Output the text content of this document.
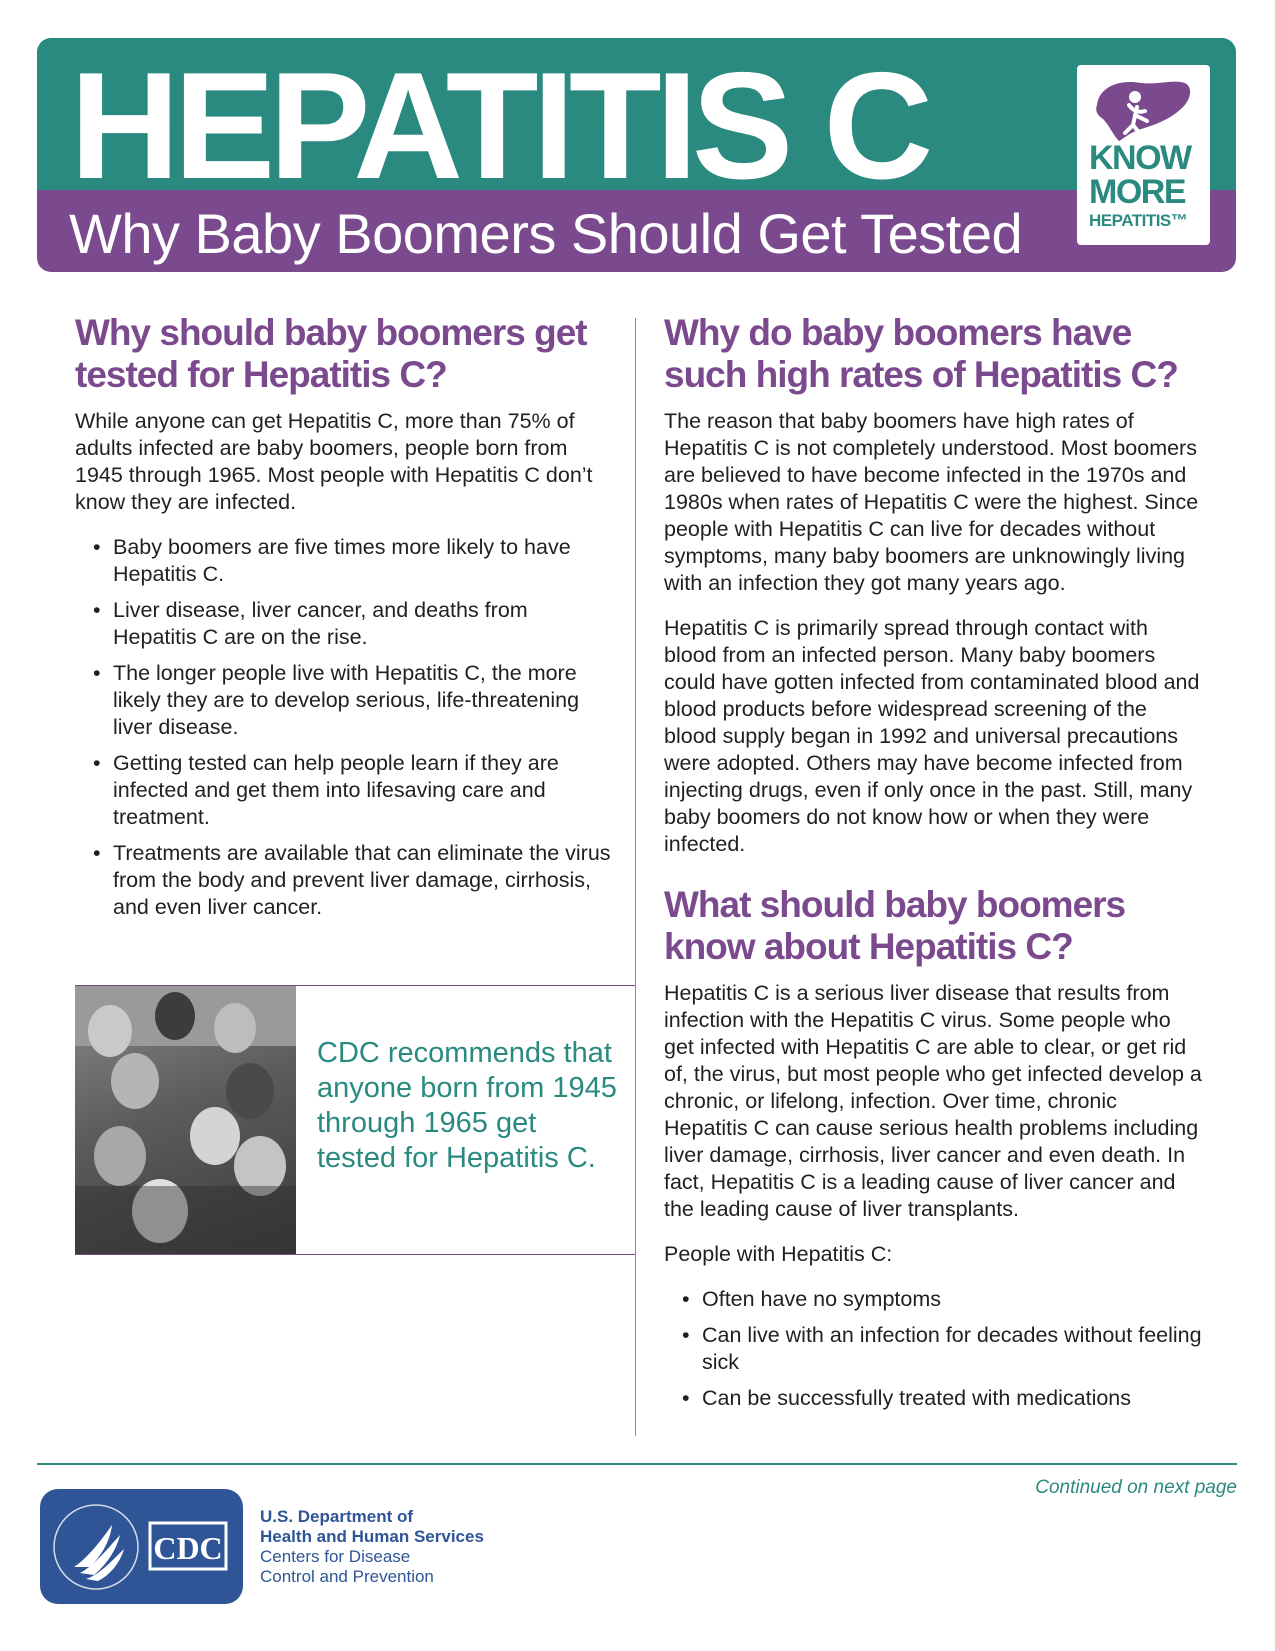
HEPATITIS C
Why Baby Boomers Should Get Tested
KNOW
MORE
HEPATITIS™
Why should baby boomers get tested for Hepatitis C?

While anyone can get Hepatitis C, more than 75% of adults infected are baby boomers, people born from 1945 through 1965. Most people with Hepatitis C don’t know they are infected.

• Baby boomers are five times more likely to have Hepatitis C.
• Liver disease, liver cancer, and deaths from Hepatitis C are on the rise.
• The longer people live with Hepatitis C, the more likely they are to develop serious, life-threatening liver disease.
• Getting tested can help people learn if they are infected and get them into lifesaving care and treatment.
• Treatments are available that can eliminate the virus from the body and prevent liver damage, cirrhosis, and even liver cancer.
CDC recommends that anyone born from 1945 through 1965 get tested for Hepatitis C.
Why do baby boomers have such high rates of Hepatitis C?

The reason that baby boomers have high rates of Hepatitis C is not completely understood. Most boomers are believed to have become infected in the 1970s and 1980s when rates of Hepatitis C were the highest. Since people with Hepatitis C can live for decades without symptoms, many baby boomers are unknowingly living with an infection they got many years ago.

Hepatitis C is primarily spread through contact with blood from an infected person. Many baby boomers could have gotten infected from contaminated blood and blood products before widespread screening of the blood supply began in 1992 and universal precautions were adopted. Others may have become infected from injecting drugs, even if only once in the past. Still, many baby boomers do not know how or when they were infected.

What should baby boomers know about Hepatitis C?

Hepatitis C is a serious liver disease that results from infection with the Hepatitis C virus. Some people who get infected with Hepatitis C are able to clear, or get rid of, the virus, but most people who get infected develop a chronic, or lifelong, infection. Over time, chronic Hepatitis C can cause serious health problems including liver damage, cirrhosis, liver cancer and even death. In fact, Hepatitis C is a leading cause of liver cancer and the leading cause of liver transplants.

People with Hepatitis C:

• Often have no symptoms
• Can live with an infection for decades without feeling sick
• Can be successfully treated with medications
Continued on next page
CDC
U.S. Department of
Health and Human Services
Centers for Disease
Control and Prevention
